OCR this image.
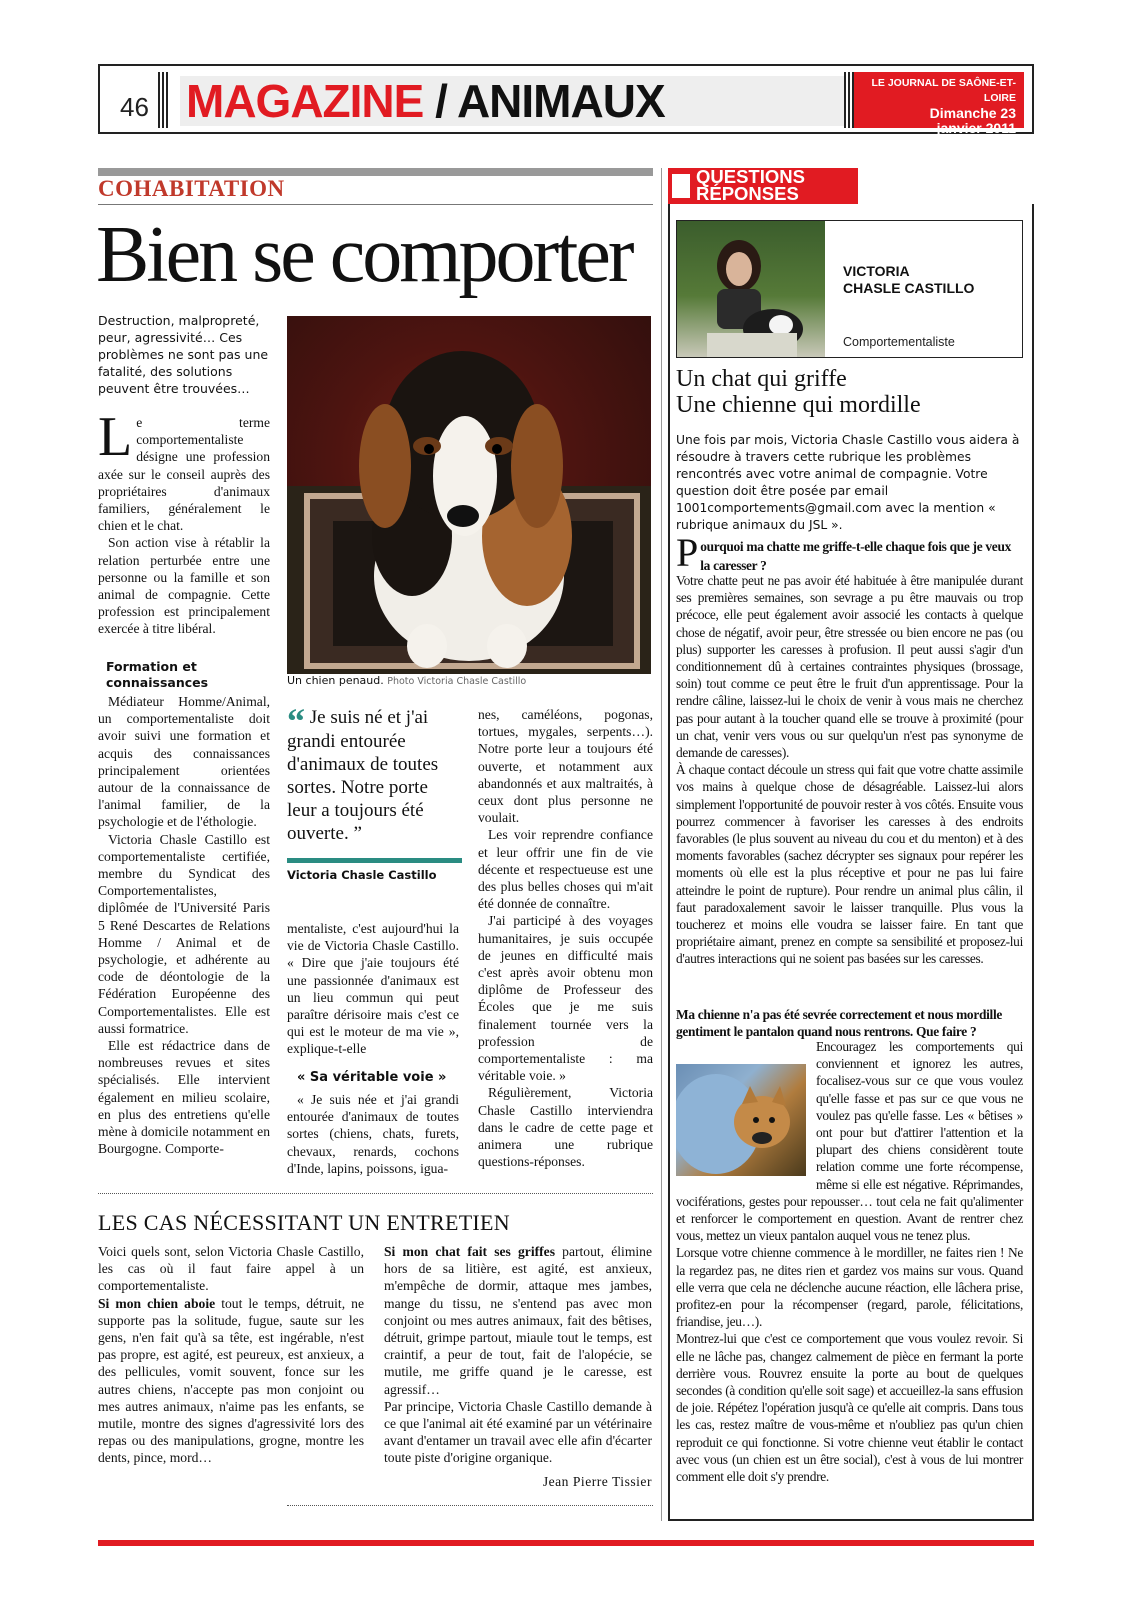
46 MAGAZINE / ANIMAUX	LE JOURNAL DE SAÔNE-ET-LOIRE
Dimanche 23
janvier 2011
COHABITATION
Bien se comporter
Destruction, malpropreté, peur, agressivité… Ces problèmes ne sont pas une fatalité, des solutions peuvent être trouvées…
L e terme comportementaliste désigne une profession axée sur le conseil auprès des propriétaires d'animaux familiers, généralement le chien et le chat.

Son action vise à rétablir la relation perturbée entre une personne ou la famille et son animal de compagnie. Cette profession est principalement exercée à titre libéral.

Formation et connaissances

Médiateur Homme/Animal, un comportementaliste doit avoir suivi une formation et acquis des connaissances principalement orientées autour de la connaissance de l'animal familier, de la psychologie et de l'éthologie.

Victoria Chasle Castillo est comportementaliste certifiée, membre du Syndicat des Comportementalistes, diplômée de l'Université Paris 5 René Descartes de Relations Homme / Animal et de psychologie, et adhérente au code de déontologie de la Fédération Européenne des Comportementalistes. Elle est aussi formatrice.

Elle est rédactrice dans de nombreuses revues et sites spécialisés. Elle intervient également en milieu scolaire, en plus des entretiens qu'elle mène à domicile notamment en Bourgogne. Comporte-

Un chien penaud. Photo Victoria Chasle Castillo
“ Je suis né et j'ai grandi entourée d'animaux de toutes sortes. Notre porte leur a toujours été ouverte. ”
Victoria Chasle Castillo

mentaliste, c'est aujourd'hui la vie de Victoria Chasle Castillo. « Dire que j'aie toujours été une passionnée d'animaux est un lieu commun qui peut paraître dérisoire mais c'est ce qui est le moteur de ma vie », explique-t-elle

« Sa véritable voie »

« Je suis née et j'ai grandi entourée d'animaux de toutes sortes (chiens, chats, furets, chevaux, renards, cochons d'Inde, lapins, poissons, igua-

nes, caméléons, pogonas, tortues, mygales, serpents…). Notre porte leur a toujours été ouverte, et notamment aux abandonnés et aux maltraités, à ceux dont plus personne ne voulait.

Les voir reprendre confiance et leur offrir une fin de vie décente et respectueuse est une des plus belles choses qui m'ait été donnée de connaître.

J'ai participé à des voyages humanitaires, je suis occupée de jeunes en difficulté mais c'est après avoir obtenu mon diplôme de Professeur des Écoles que je me suis finalement tournée vers la profession de comportementaliste : ma véritable voie. »

Régulièrement, Victoria Chasle Castillo interviendra dans le cadre de cette page et animera une rubrique questions-réponses.

LES CAS NÉCESSITANT UN ENTRETIEN

Voici quels sont, selon Victoria Chasle Castillo, les cas où il faut faire appel à un comportementaliste.

Si mon chien aboie tout le temps, détruit, ne supporte pas la solitude, fugue, saute sur les gens, n'en fait qu'à sa tête, est ingérable, n'est pas propre, est agité, est peureux, est anxieux, a des pellicules, vomit souvent, fonce sur les autres chiens, n'accepte pas mon conjoint ou mes autres animaux, n'aime pas les enfants, se mutile, montre des signes d'agressivité lors des repas ou des manipulations, grogne, montre les dents, pince, mord…

Si mon chat fait ses griffes partout, élimine hors de sa litière, est agité, est anxieux, m'empêche de dormir, attaque mes jambes, mange du tissu, ne s'entend pas avec mon conjoint ou mes autres animaux, fait des bêtises, détruit, grimpe partout, miaule tout le temps, est craintif, a peur de tout, fait de l'alopécie, se mutile, me griffe quand je le caresse, est agressif…

Par principe, Victoria Chasle Castillo demande à ce que l'animal ait été examiné par un vétérinaire avant d'entamer un travail avec elle afin d'écarter toute piste d'origine organique.

Jean Pierre Tissier
QUESTIONS
RÉPONSES
VICTORIA
CHASLE CASTILLO
Comportementaliste
Un chat qui griffe
Une chienne qui mordille
Une fois par mois, Victoria Chasle Castillo vous aidera à résoudre à travers cette rubrique les problèmes rencontrés avec votre animal de compagnie. Votre question doit être posée par email 1001comportements@gmail.com avec la mention « rubrique animaux du JSL ».
P ourquoi ma chatte me griffe-t-elle chaque fois que je veux la caresser ?
Votre chatte peut ne pas avoir été habituée à être manipulée durant ses premières semaines, son sevrage a pu être mauvais ou trop précoce, elle peut également avoir associé les contacts à quelque chose de négatif, avoir peur, être stressée ou bien encore ne pas (ou plus) supporter les caresses à profusion. Il peut aussi s'agir d'un conditionnement dû à certaines contraintes physiques (brossage, soin) tout comme ce peut être le fruit d'un apprentissage. Pour la rendre câline, laissez-lui le choix de venir à vous mais ne cherchez pas pour autant à la toucher quand elle se trouve à proximité (pour un chat, venir vers vous ou sur quelqu'un n'est pas synonyme de demande de caresses).
À chaque contact découle un stress qui fait que votre chatte assimile vos mains à quelque chose de désagréable. Laissez-lui alors simplement l'opportunité de pouvoir rester à vos côtés. Ensuite vous pourrez commencer à favoriser les caresses à des endroits favorables (le plus souvent au niveau du cou et du menton) et à des moments favorables (sachez décrypter ses signaux pour repérer les moments où elle est la plus réceptive et pour ne pas lui faire atteindre le point de rupture). Pour rendre un animal plus câlin, il faut paradoxalement savoir le laisser tranquille. Plus vous la toucherez et moins elle voudra se laisser faire. En tant que propriétaire aimant, prenez en compte sa sensibilité et proposez-lui d'autres interactions qui ne soient pas basées sur les caresses.
Ma chienne n'a pas été sevrée correctement et nous mordille gentiment le pantalon quand nous rentrons. Que faire ?
Encouragez les comportements qui conviennent et ignorez les autres, focalisez-vous sur ce que vous voulez qu'elle fasse et pas sur ce que vous ne voulez pas qu'elle fasse. Les « bêtises » ont pour but d'attirer l'attention et la plupart des chiens considèrent toute relation comme une forte récompense, même si elle est négative. Réprimandes, vociférations, gestes pour repousser… tout cela ne fait qu'alimenter et renforcer le comportement en question. Avant de rentrer chez vous, mettez un vieux pantalon auquel vous ne tenez plus.
Lorsque votre chienne commence à le mordiller, ne faites rien ! Ne la regardez pas, ne dites rien et gardez vos mains sur vous. Quand elle verra que cela ne déclenche aucune réaction, elle lâchera prise, profitez-en pour la récompenser (regard, parole, félicitations, friandise, jeu…).
Montrez-lui que c'est ce comportement que vous voulez revoir. Si elle ne lâche pas, changez calmement de pièce en fermant la porte derrière vous. Rouvrez ensuite la porte au bout de quelques secondes (à condition qu'elle soit sage) et accueillez-la sans effusion de joie. Répétez l'opération jusqu'à ce qu'elle ait compris. Dans tous les cas, restez maître de vous-même et n'oubliez pas qu'un chien reproduit ce qui fonctionne. Si votre chienne veut établir le contact avec vous (un chien est un être social), c'est à vous de lui montrer comment elle doit s'y prendre.
